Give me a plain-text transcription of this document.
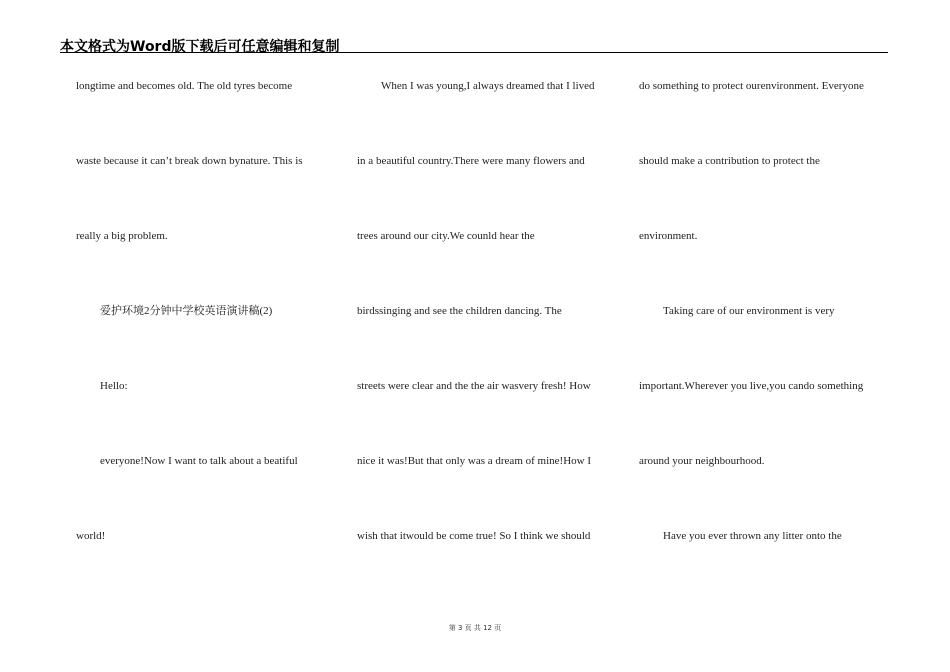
本文格式为Word版下载后可任意编辑和复制
longtime and becomes old. The old tyres become
waste because it can’t break down bynature. This is
really a big problem.
爱护环境2分钟中学校英语演讲稿(2)
Hello:
everyone!Now I want to talk about a beatiful
world!
When I was young,I always dreamed that I lived
in a beautiful country.There were many flowers and
trees around our city.We counld hear the
birdssinging and see the children dancing. The
streets were clear and the the air wasvery fresh! How
nice it was!But that only was a dream of mine!How I
wish that itwould be come true! So I think we should
do something to protect ourenvironment. Everyone
should make a contribution to protect the
environment.
Taking care of our environment is very
important.Wherever you live,you cando something
around your neighbourhood.
Have you ever thrown any litter onto the
第 3 页 共 12 页
